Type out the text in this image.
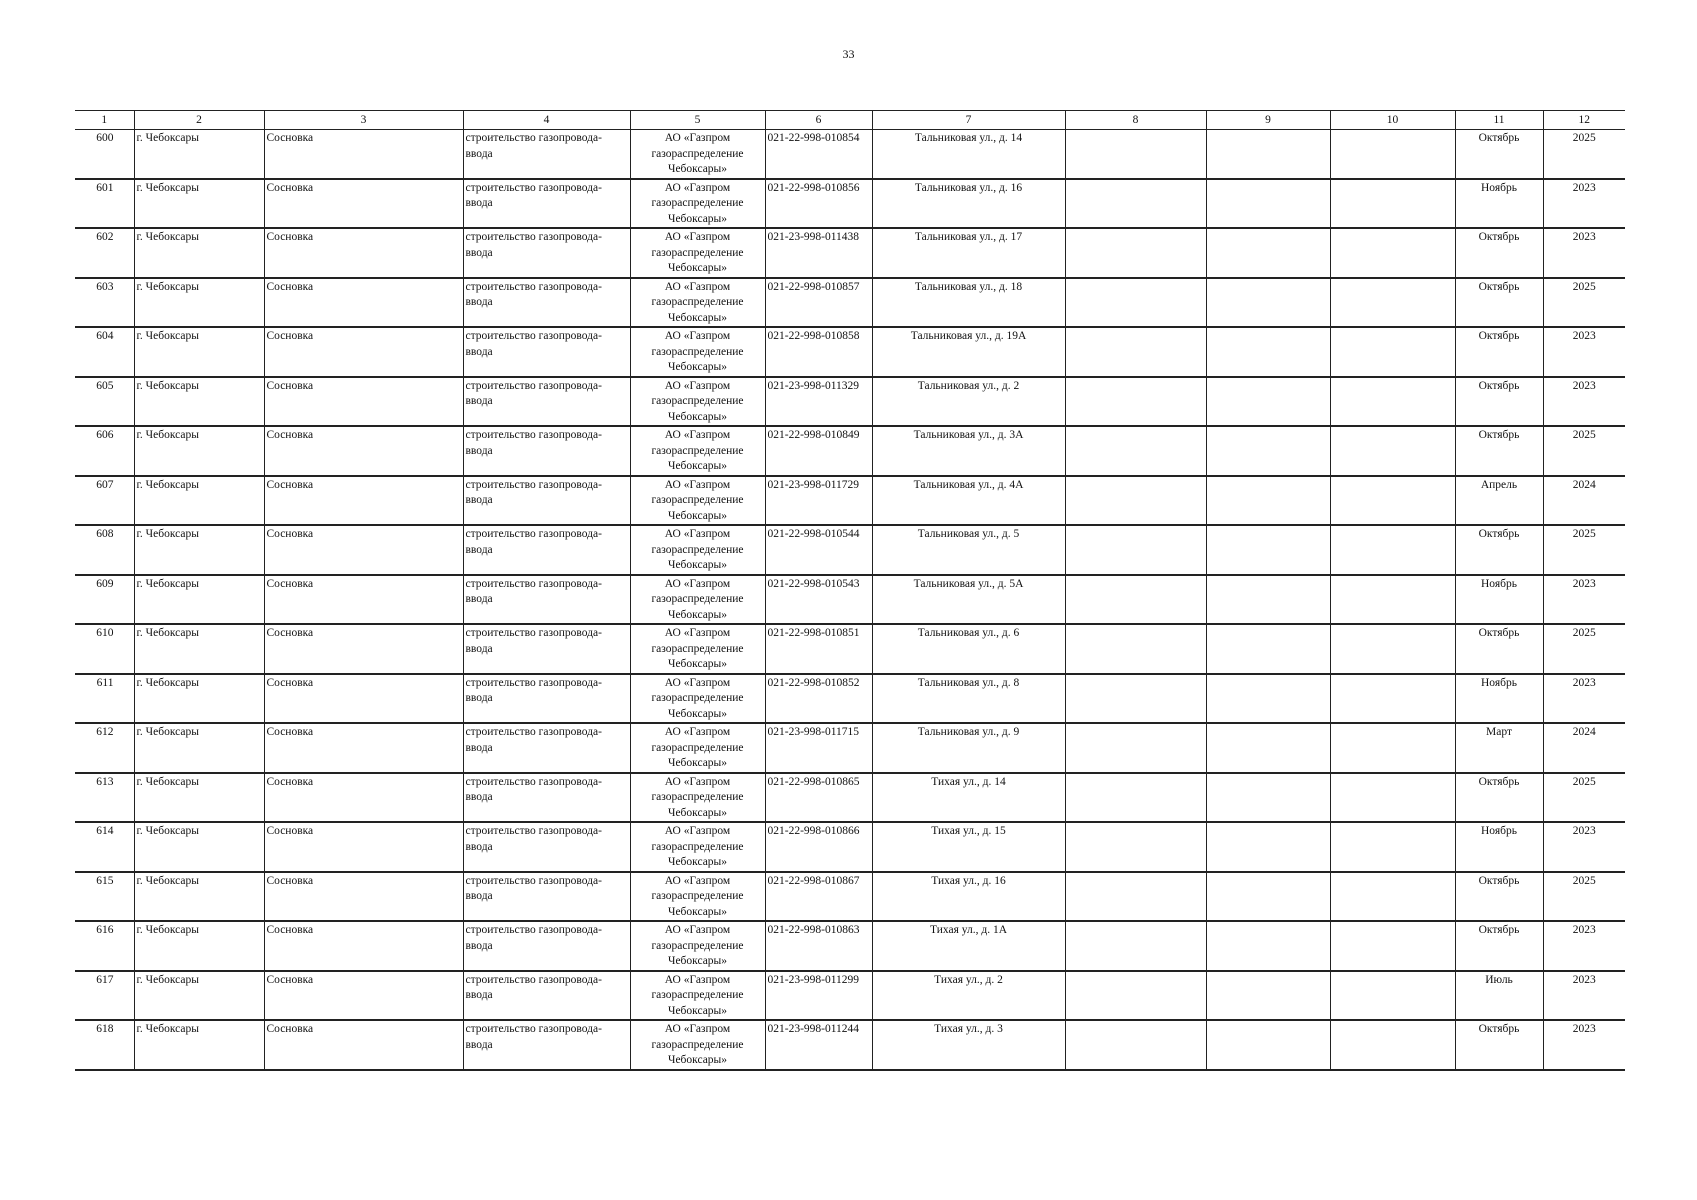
33
1	2	3	4	5	6	7	8	9	10	11	12
600	г. Чебоксары	Сосновка	строительство газопровода-ввода	АО «Газпром газораспределение Чебоксары»	021-22-998-010854	Тальниковая ул., д. 14				Октябрь	2025
601	г. Чебоксары	Сосновка	строительство газопровода-ввода	АО «Газпром газораспределение Чебоксары»	021-22-998-010856	Тальниковая ул., д. 16				Ноябрь	2023
602	г. Чебоксары	Сосновка	строительство газопровода-ввода	АО «Газпром газораспределение Чебоксары»	021-23-998-011438	Тальниковая ул., д. 17				Октябрь	2023
603	г. Чебоксары	Сосновка	строительство газопровода-ввода	АО «Газпром газораспределение Чебоксары»	021-22-998-010857	Тальниковая ул., д. 18				Октябрь	2025
604	г. Чебоксары	Сосновка	строительство газопровода-ввода	АО «Газпром газораспределение Чебоксары»	021-22-998-010858	Тальниковая ул., д. 19А				Октябрь	2023
605	г. Чебоксары	Сосновка	строительство газопровода-ввода	АО «Газпром газораспределение Чебоксары»	021-23-998-011329	Тальниковая ул., д. 2				Октябрь	2023
606	г. Чебоксары	Сосновка	строительство газопровода-ввода	АО «Газпром газораспределение Чебоксары»	021-22-998-010849	Тальниковая ул., д. 3А				Октябрь	2025
607	г. Чебоксары	Сосновка	строительство газопровода-ввода	АО «Газпром газораспределение Чебоксары»	021-23-998-011729	Тальниковая ул., д. 4А				Апрель	2024
608	г. Чебоксары	Сосновка	строительство газопровода-ввода	АО «Газпром газораспределение Чебоксары»	021-22-998-010544	Тальниковая ул., д. 5				Октябрь	2025
609	г. Чебоксары	Сосновка	строительство газопровода-ввода	АО «Газпром газораспределение Чебоксары»	021-22-998-010543	Тальниковая ул., д. 5А				Ноябрь	2023
610	г. Чебоксары	Сосновка	строительство газопровода-ввода	АО «Газпром газораспределение Чебоксары»	021-22-998-010851	Тальниковая ул., д. 6				Октябрь	2025
611	г. Чебоксары	Сосновка	строительство газопровода-ввода	АО «Газпром газораспределение Чебоксары»	021-22-998-010852	Тальниковая ул., д. 8				Ноябрь	2023
612	г. Чебоксары	Сосновка	строительство газопровода-ввода	АО «Газпром газораспределение Чебоксары»	021-23-998-011715	Тальниковая ул., д. 9				Март	2024
613	г. Чебоксары	Сосновка	строительство газопровода-ввода	АО «Газпром газораспределение Чебоксары»	021-22-998-010865	Тихая ул., д. 14				Октябрь	2025
614	г. Чебоксары	Сосновка	строительство газопровода-ввода	АО «Газпром газораспределение Чебоксары»	021-22-998-010866	Тихая ул., д. 15				Ноябрь	2023
615	г. Чебоксары	Сосновка	строительство газопровода-ввода	АО «Газпром газораспределение Чебоксары»	021-22-998-010867	Тихая ул., д. 16				Октябрь	2025
616	г. Чебоксары	Сосновка	строительство газопровода-ввода	АО «Газпром газораспределение Чебоксары»	021-22-998-010863	Тихая ул., д. 1А				Октябрь	2023
617	г. Чебоксары	Сосновка	строительство газопровода-ввода	АО «Газпром газораспределение Чебоксары»	021-23-998-011299	Тихая ул., д. 2				Июль	2023
618	г. Чебоксары	Сосновка	строительство газопровода-ввода	АО «Газпром газораспределение Чебоксары»	021-23-998-011244	Тихая ул., д. 3				Октябрь	2023
